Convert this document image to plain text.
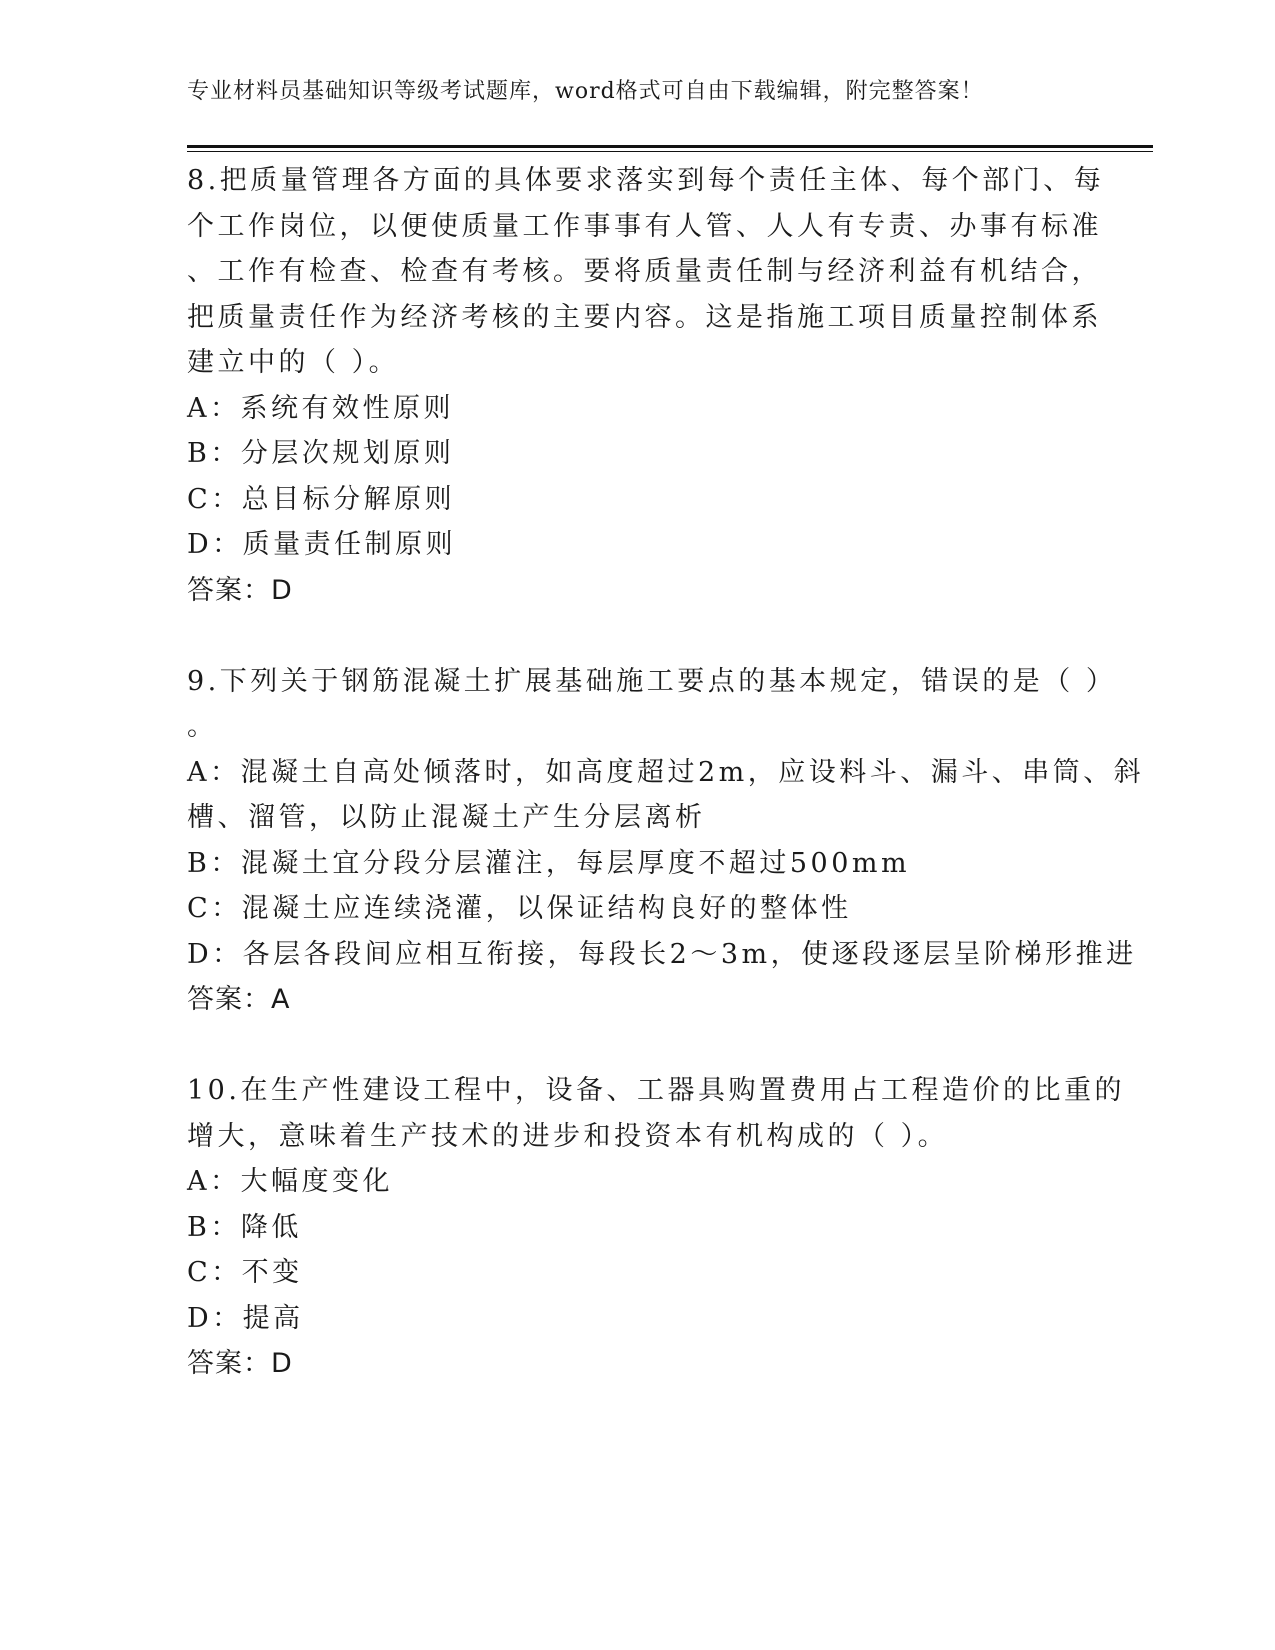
专业材料员基础知识等级考试题库，word格式可自由下载编辑，附完整答案！
8.把质量管理各方面的具体要求落实到每个责任主体、每个部门、每
个工作岗位，以便使质量工作事事有人管、人人有专责、办事有标准
、工作有检查、检查有考核。要将质量责任制与经济利益有机结合，
把质量责任作为经济考核的主要内容。这是指施工项目质量控制体系
建立中的（ ）。
A：系统有效性原则
B：分层次规划原则
C：总目标分解原则
D：质量责任制原则
答案：D
9.下列关于钢筋混凝土扩展基础施工要点的基本规定，错误的是（ ）
。
A：混凝土自高处倾落时，如高度超过2m，应设料斗、漏斗、串筒、斜
槽、溜管，以防止混凝土产生分层离析
B：混凝土宜分段分层灌注，每层厚度不超过500mm
C：混凝土应连续浇灌，以保证结构良好的整体性
D：各层各段间应相互衔接，每段长2～3m，使逐段逐层呈阶梯形推进
答案：A
10.在生产性建设工程中，设备、工器具购置费用占工程造价的比重的
增大，意味着生产技术的进步和投资本有机构成的（ ）。
A：大幅度变化
B：降低
C：不变
D：提高
答案：D
